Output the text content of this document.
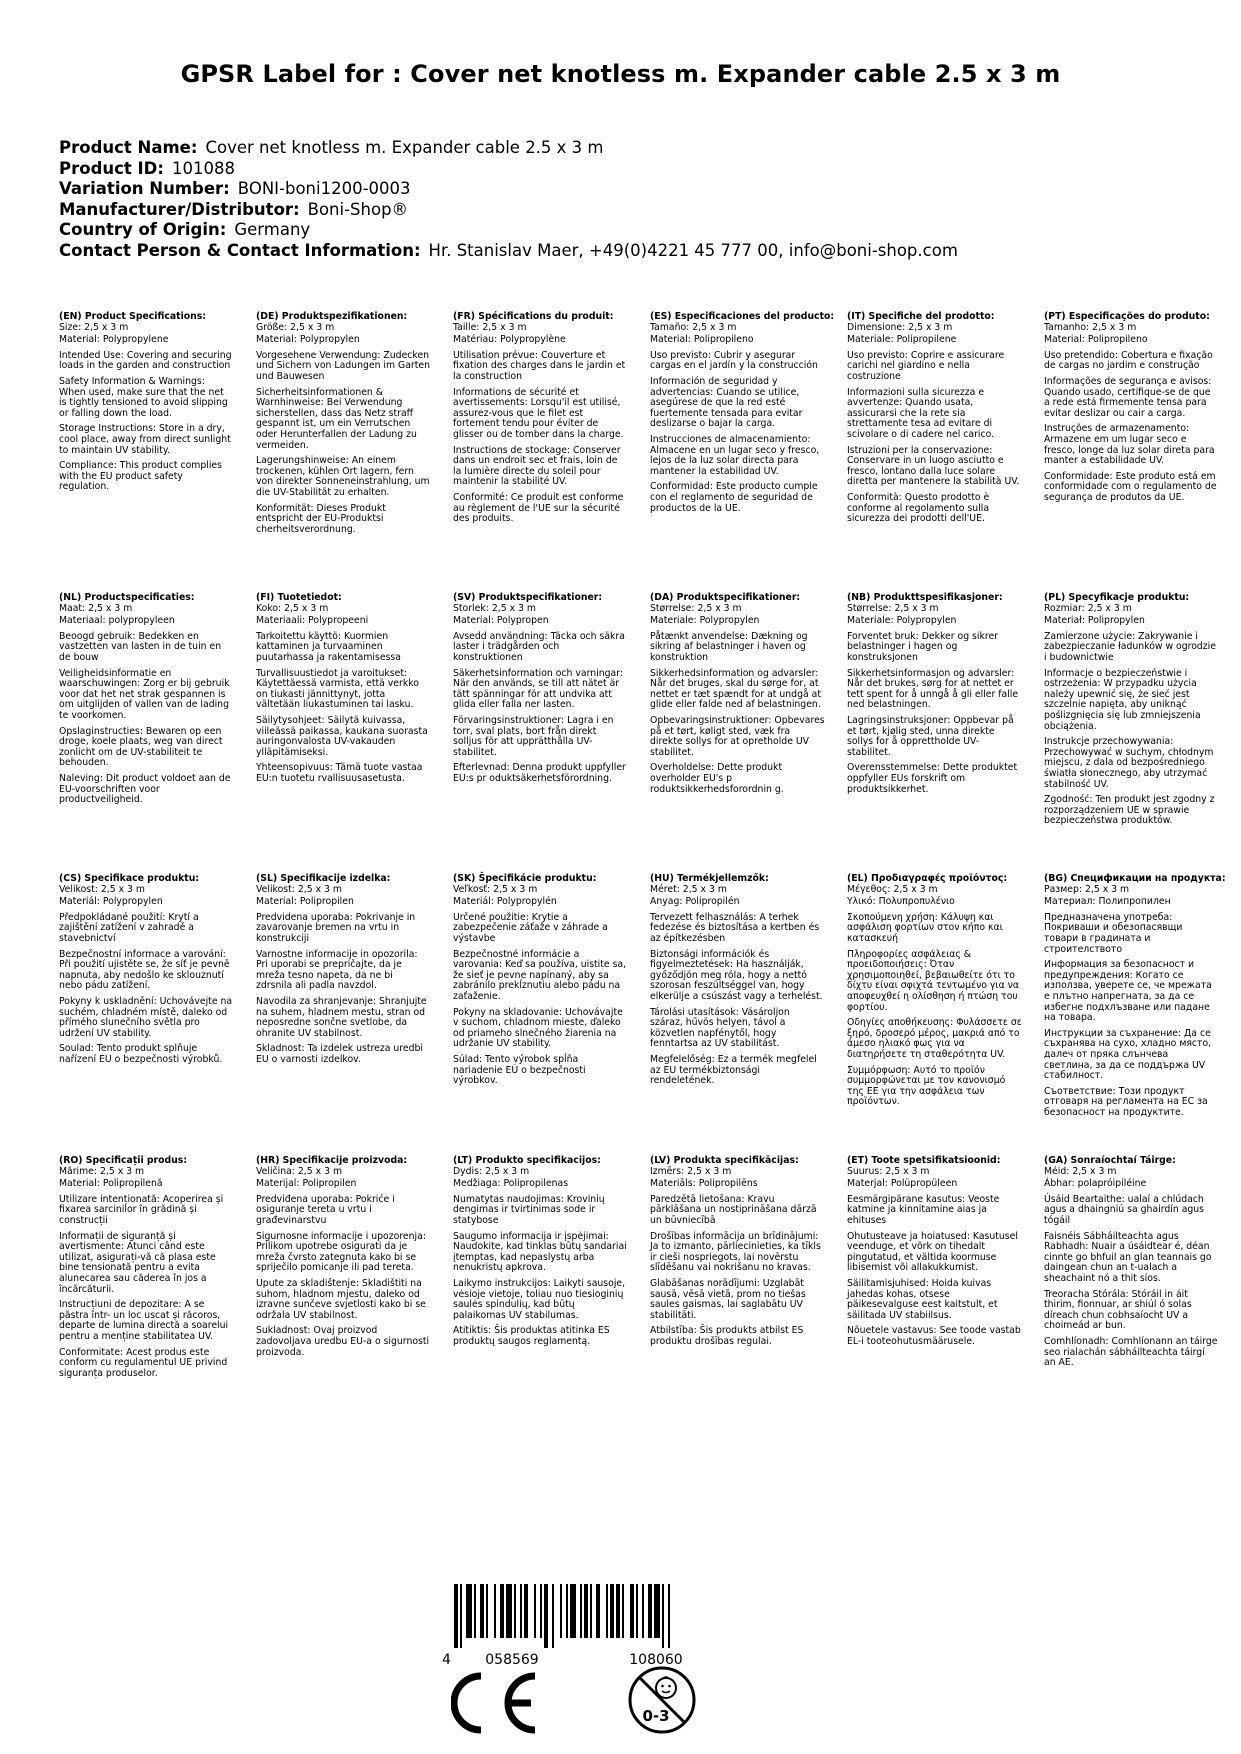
GPSR Label for : Cover net knotless m. Expander cable 2.5 x 3 m
Product Name: Cover net knotless m. Expander cable 2.5 x 3 m
Product ID: 101088
Variation Number: BONI-boni1200-0003
Manufacturer/Distributor: Boni-Shop®
Country of Origin: Germany
Contact Person & Contact Information: Hr. Stanislav Maer, +49(0)4221 45 777 00, info@boni-shop.com
(EN) Product Specifications:
Size: 2,5 x 3 m
Material: Polypropylene
Intended Use: Covering and securing loads in the garden and construction
Safety Information & Warnings: When used, make sure that the net is tightly tensioned to avoid slipping or falling down the load.
Storage Instructions: Store in a dry, cool place, away from direct sunlight to maintain UV stability.
Compliance: This product complies with the EU product safety regulation.
(DE) Produktspezifikationen:
Größe: 2,5 x 3 m
Material: Polypropylen
Vorgesehene Verwendung: Zudecken und Sichern von Ladungen im Garten und Bauwesen
Sicherheitsinformationen & Warnhinweise: Bei Verwendung sicherstellen, dass das Netz straff gespannt ist, um ein Verrutschen oder Herunterfallen der Ladung zu vermeiden.
Lagerungshinweise: An einem trockenen, kühlen Ort lagern, fern von direkter Sonneneinstrahlung, um die UV-Stabilität zu erhalten.
Konformität: Dieses Produkt entspricht der EU-Produktsi cherheitsverordnung.
(FR) Spécifications du produit:
Taille: 2,5 x 3 m
Matériau: Polypropylène
Utilisation prévue: Couverture et fixation des charges dans le jardin et la construction
Informations de sécurité et avertissements: Lorsqu'il est utilisé, assurez-vous que le filet est fortement tendu pour éviter de glisser ou de tomber dans la charge.
Instructions de stockage: Conserver dans un endroit sec et frais, loin de la lumière directe du soleil pour maintenir la stabilité UV.
Conformité: Ce produit est conforme au règlement de l'UE sur la sécurité des produits.
(ES) Especificaciones del producto:
Tamaño: 2,5 x 3 m
Material: Polipropileno
Uso previsto: Cubrir y asegurar cargas en el jardín y la construcción
Información de seguridad y advertencias: Cuando se utilice, asegúrese de que la red esté fuertemente tensada para evitar deslizarse o bajar la carga.
Instrucciones de almacenamiento: Almacene en un lugar seco y fresco, lejos de la luz solar directa para mantener la estabilidad UV.
Conformidad: Este producto cumple con el reglamento de seguridad de productos de la UE.
(IT) Specifiche del prodotto:
Dimensione: 2,5 x 3 m
Materiale: Polipropilene
Uso previsto: Coprire e assicurare carichi nel giardino e nella costruzione
Informazioni sulla sicurezza e avvertenze: Quando usata, assicurarsi che la rete sia strettamente tesa ad evitare di scivolare o di cadere nel carico.
Istruzioni per la conservazione: Conservare in un luogo asciutto e fresco, lontano dalla luce solare diretta per mantenere la stabilità UV.
Conformità: Questo prodotto è conforme al regolamento sulla sicurezza dei prodotti dell'UE.
(PT) Especificações do produto:
Tamanho: 2,5 x 3 m
Material: Polipropileno
Uso pretendido: Cobertura e fixação de cargas no jardim e construção
Informações de segurança e avisos: Quando usado, certifique-se de que a rede está firmemente tensa para evitar deslizar ou cair a carga.
Instruções de armazenamento: Armazene em um lugar seco e fresco, longe da luz solar direta para manter a estabilidade UV.
Conformidade: Este produto está em conformidade com o regulamento de segurança de produtos da UE.
(NL) Productspecificaties:
Maat: 2,5 x 3 m
Materiaal: polypropyleen
Beoogd gebruik: Bedekken en vastzetten van lasten in de tuin en de bouw
Veiligheidsinformatie en waarschuwingen: Zorg er bij gebruik voor dat het net strak gespannen is om uitglijden of vallen van de lading te voorkomen.
Opslaginstructies: Bewaren op een droge, koele plaats, weg van direct zonlicht om de UV-stabiliteit te behouden.
Naleving: Dit product voldoet aan de EU-voorschriften voor productveiligheid.
(FI) Tuotetiedot:
Koko: 2,5 x 3 m
Materiaali: Polypropeeni
Tarkoitettu käyttö: Kuormien kattaminen ja turvaaminen puutarhassa ja rakentamisessa
Turvallisuustiedot ja varoitukset: Käytettäessä varmista, että verkko on tiukasti jännittynyt, jotta vältetään liukastuminen tai lasku.
Säilytysohjeet: Säilytä kuivassa, viileässä paikassa, kaukana suorasta auringonvalosta UV-vakauden ylläpitämiseksi.
Yhteensopivuus: Tämä tuote vastaa EU:n tuotetu rvallisuusasetusta.
(SV) Produktspecifikationer:
Storlek: 2,5 x 3 m
Material: Polypropen
Avsedd användning: Täcka och säkra laster i trädgården och konstruktionen
Säkerhetsinformation och varningar: När den används, se till att nätet är tätt spänningar för att undvika att glida eller falla ner lasten.
Förvaringsinstruktioner: Lagra i en torr, sval plats, bort från direkt solljus för att upprätthålla UV-stabilitet.
Efterlevnad: Denna produkt uppfyller EU:s pr oduktsäkerhetsförordning.
(DA) Produktspecifikationer:
Størrelse: 2,5 x 3 m
Materiale: Polypropylen
Påtænkt anvendelse: Dækning og sikring af belastninger i haven og konstruktion
Sikkerhedsinformation og advarsler: Når det bruges, skal du sørge for, at nettet er tæt spændt for at undgå at glide eller falde ned af belastningen.
Opbevaringsinstruktioner: Opbevares på et tørt, køligt sted, væk fra direkte sollys for at opretholde UV stabilitet.
Overholdelse: Dette produkt overholder EU's p roduktsikkerhedsforordnin g.
(NB) Produkttspesifikasjoner:
Størrelse: 2,5 x 3 m
Materiale: Polypropylen
Forventet bruk: Dekker og sikrer belastninger i hagen og konstruksjonen
Sikkerhetsinformasjon og advarsler: Når det brukes, sørg for at nettet er tett spent for å unngå å gli eller falle ned belastningen.
Lagringsinstruksjoner: Oppbevar på et tørt, kjølig sted, unna direkte sollys for å opprettholde UV-stabilitet.
Overensstemmelse: Dette produktet oppfyller EUs forskrift om produktsikkerhet.
(PL) Specyfikacje produktu:
Rozmiar: 2,5 x 3 m
Materiał: Polipropylen
Zamierzone użycie: Zakrywanie i zabezpieczanie ładunków w ogrodzie i budownictwie
Informacje o bezpieczeństwie i ostrzeżenia: W przypadku użycia należy upewnić się, że sieć jest szczelnie napięta, aby uniknąć poślizgnięcia się lub zmniejszenia obciążenia.
Instrukcje przechowywania: Przechowywać w suchym, chłodnym miejscu, z dala od bezpośredniego światła słonecznego, aby utrzymać stabilność UV.
Zgodność: Ten produkt jest zgodny z rozporządzeniem UE w sprawie bezpieczeństwa produktów.
(CS) Specifikace produktu:
Velikost: 2,5 x 3 m
Materiál: Polypropylen
Předpokládané použití: Krytí a zajištění zatížení v zahradě a stavebnictví
Bezpečnostní informace a varování: Při použití ujistěte se, že síť je pevně napnuta, aby nedošlo ke sklouznutí nebo pádu zatížení.
Pokyny k uskladnění: Uchovávejte na suchém, chladném místě, daleko od přímého slunečního světla pro udržení UV stability.
Soulad: Tento produkt splňuje nařízení EU o bezpečnosti výrobků.
(SL) Specifikacije izdelka:
Velikost: 2,5 x 3 m
Material: Polipropilen
Predvidena uporaba: Pokrivanje in zavarovanje bremen na vrtu in konstrukciji
Varnostne informacije in opozorila: Pri uporabi se prepričajte, da je mreža tesno napeta, da ne bi zdrsnila ali padla navzdol.
Navodila za shranjevanje: Shranjujte na suhem, hladnem mestu, stran od neposredne sončne svetlobe, da ohranite UV stabilnost.
Skladnost: Ta izdelek ustreza uredbi EU o varnosti izdelkov.
(SK) Špecifikácie produktu:
Veľkosť: 2,5 x 3 m
Materiál: Polypropylén
Určené použitie: Krytie a zabezpečenie záťaže v záhrade a výstavbe
Bezpečnostné informácie a varovania: Keď sa používa, uistite sa, že sieť je pevne napínaný, aby sa zabránilo prekĺznutiu alebo pádu na zaťaženie.
Pokyny na skladovanie: Uchovávajte v suchom, chladnom mieste, ďaleko od priameho slnečného žiarenia na udržanie UV stability.
Súlad: Tento výrobok spĺňa nariadenie EÚ o bezpečnosti výrobkov.
(HU) Termékjellemzők:
Méret: 2,5 x 3 m
Anyag: Polipropilén
Tervezett felhasználás: A terhek fedezése és biztosítása a kertben és az építkezésben
Biztonsági információk és figyelmeztetések: Ha használják, győződjön meg róla, hogy a nettó szorosan feszültséggel van, hogy elkerülje a csúszást vagy a terhelést.
Tárolási utasítások: Vásároljon száraz, hűvös helyen, távol a közvetlen napfénytől, hogy fenntartsa az UV stabilitást.
Megfelelőség: Ez a termék megfelel az EU termékbiztonsági rendeletének.
(EL) Προδιαγραφές προϊόντος:
Μέγεθος: 2,5 x 3 m
Υλικό: Πολυπροπυλένιο
Σκοπούμενη χρήση: Κάλυψη και ασφάλιση φορτίων στον κήπο και κατασκευή
Πληροφορίες ασφάλειας & προειδοποιήσεις: Όταν χρησιμοποιηθεί, βεβαιωθείτε ότι το δίχτυ είναι σφιχτά τεντωμένο για να αποφευχθεί η ολίσθηση ή πτώση του φορτίου.
Οδηγίες αποθήκευσης: Φυλάσσετε σε ξηρό, δροσερό μέρος, μακριά από το άμεσο ηλιακό φως για να διατηρήσετε τη σταθερότητα UV.
Συμμόρφωση: Αυτό το προϊόν συμμορφώνεται με τον κανονισμό της ΕΕ για την ασφάλεια των προϊόντων.
(BG) Спецификации на продукта:
Размер: 2,5 x 3 m
Материал: Полипропилен
Предназначена употреба: Покриваши и обезопасявщи товари в градината и строителството
Информация за безопасност и предупреждения: Когато се използва, уверете се, че мрежата е плътно напрегната, за да се избегне подхлъзване или падане на товара.
Инструкции за съхранение: Да се съхранява на сухо, хладно място, далеч от пряка слънчева светлина, за да се поддържа UV стабилност.
Съответствие: Този продукт отговаря на регламента на ЕС за безопасност на продуктите.
(RO) Specificații produs:
Mărime: 2,5 x 3 m
Material: Polipropilenă
Utilizare intenționată: Acoperirea și fixarea sarcinilor în grădină și construcții
Informații de siguranță și avertismente: Atunci când este utilizat, asigurați-vă că plasa este bine tensionată pentru a evita alunecarea sau căderea în jos a încărcăturii.
Instrucțiuni de depozitare: A se păstra într- un loc uscat și răcoros, departe de lumina directă a soarelui pentru a menține stabilitatea UV.
Conformitate: Acest produs este conform cu regulamentul UE privind siguranța produselor.
(HR) Specifikacije proizvoda:
Veličina: 2,5 x 3 m
Materijal: Polipropilen
Predviđena uporaba: Pokriće i osiguranje tereta u vrtu i građevinarstvu
Sigurnosne informacije i upozorenja: Prilikom upotrebe osigurati da je mreža čvrsto zategnuta kako bi se spriječilo pomicanje ili pad tereta.
Upute za skladištenje: Skladištiti na suhom, hladnom mjestu, daleko od izravne sunčeve svjetlosti kako bi se održala UV stabilnost.
Sukladnost: Ovaj proizvod zadovoljava uredbu EU-a o sigurnosti proizvoda.
(LT) Produkto specifikacijos:
Dydis: 2,5 x 3 m
Medžiaga: Polipropilenas
Numatytas naudojimas: Krovinių dengimas ir tvirtinimas sode ir statybose
Saugumo informacija ir įspėjimai: Naudokite, kad tinklas būtų sandariai įtemptas, kad nepaslystų arba nenukristų apkrova.
Laikymo instrukcijos: Laikyti sausoje, vėsioje vietoje, toliau nuo tiesioginių saulės spindulių, kad būtų palaikomas UV stabilumas.
Atitiktis: Šis produktas atitinka ES produktų saugos reglamentą.
(LV) Produkta specifikācijas:
Izmērs: 2,5 x 3 m
Materiāls: Polipropilēns
Paredzētā lietošana: Kravu pārklāšana un nostiprināšana dārzā un būvniecībā
Drošības informācija un brīdinājumi: Ja to izmanto, pārliecinieties, ka tīkls ir cieši nospriegots, lai novērstu slīdēšanu vai nokrišanu no kravas.
Glabāšanas norādījumi: Uzglabāt sausā, vēsā vietā, prom no tiešas saules gaismas, lai saglabātu UV stabilitāti.
Atbilstība: Šis produkts atbilst ES produktu drošības regulai.
(ET) Toote spetsifikatsioonid:
Suurus: 2,5 x 3 m
Materjal: Polüpropüleen
Eesmärgipärane kasutus: Veoste katmine ja kinnitamine aias ja ehituses
Ohutusteave ja hoiatused: Kasutusel veenduge, et võrk on tihedalt pingutatud, et vältida koormuse libisemist või allakukkumist.
Säilitamisjuhised: Hoida kuivas jahedas kohas, otsese päikesevalguse eest kaitstult, et säilitada UV stabiilsus.
Nõuetele vastavus: See toode vastab EL-i tooteohutusmäärusele.
(GA) Sonraíochtaí Táirge:
Méid: 2,5 x 3 m
Ábhar: polapróipiléine
Úsáid Beartaithe: ualaí a chlúdach agus a dhaingniú sa ghairdín agus tógáil
Faisnéis Sábháilteachta agus Rabhadh: Nuair a úsáidtear é, déan cinnte go bhfuil an glan teannais go daingean chun an t-ualach a sheachaint nó a thit síos.
Treoracha Stórála: Stóráil in áit thirim, fionnuar, ar shiúl ó solas díreach chun cobhsaíocht UV a choimeád ar bun.
Comhlíonadh: Comhlíonann an táirge seo rialachán sábháilteachta táirgí an AE.
4 058569	108060
0-3
